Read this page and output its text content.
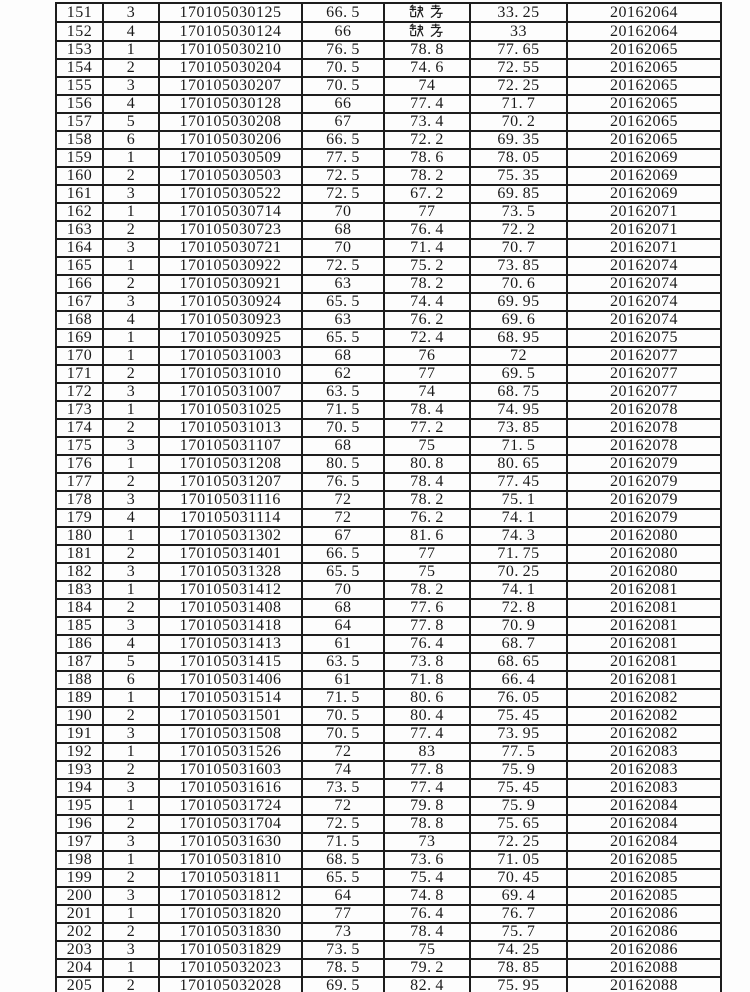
151	3	170105030125	66. 5		33. 25	20162064
152	4	170105030124	66		33	20162064
153	1	170105030210	76. 5	78. 8	77. 65	20162065
154	2	170105030204	70. 5	74. 6	72. 55	20162065
155	3	170105030207	70. 5	74	72. 25	20162065
156	4	170105030128	66	77. 4	71. 7	20162065
157	5	170105030208	67	73. 4	70. 2	20162065
158	6	170105030206	66. 5	72. 2	69. 35	20162065
159	1	170105030509	77. 5	78. 6	78. 05	20162069
160	2	170105030503	72. 5	78. 2	75. 35	20162069
161	3	170105030522	72. 5	67. 2	69. 85	20162069
162	1	170105030714	70	77	73. 5	20162071
163	2	170105030723	68	76. 4	72. 2	20162071
164	3	170105030721	70	71. 4	70. 7	20162071
165	1	170105030922	72. 5	75. 2	73. 85	20162074
166	2	170105030921	63	78. 2	70. 6	20162074
167	3	170105030924	65. 5	74. 4	69. 95	20162074
168	4	170105030923	63	76. 2	69. 6	20162074
169	1	170105030925	65. 5	72. 4	68. 95	20162075
170	1	170105031003	68	76	72	20162077
171	2	170105031010	62	77	69. 5	20162077
172	3	170105031007	63. 5	74	68. 75	20162077
173	1	170105031025	71. 5	78. 4	74. 95	20162078
174	2	170105031013	70. 5	77. 2	73. 85	20162078
175	3	170105031107	68	75	71. 5	20162078
176	1	170105031208	80. 5	80. 8	80. 65	20162079
177	2	170105031207	76. 5	78. 4	77. 45	20162079
178	3	170105031116	72	78. 2	75. 1	20162079
179	4	170105031114	72	76. 2	74. 1	20162079
180	1	170105031302	67	81. 6	74. 3	20162080
181	2	170105031401	66. 5	77	71. 75	20162080
182	3	170105031328	65. 5	75	70. 25	20162080
183	1	170105031412	70	78. 2	74. 1	20162081
184	2	170105031408	68	77. 6	72. 8	20162081
185	3	170105031418	64	77. 8	70. 9	20162081
186	4	170105031413	61	76. 4	68. 7	20162081
187	5	170105031415	63. 5	73. 8	68. 65	20162081
188	6	170105031406	61	71. 8	66. 4	20162081
189	1	170105031514	71. 5	80. 6	76. 05	20162082
190	2	170105031501	70. 5	80. 4	75. 45	20162082
191	3	170105031508	70. 5	77. 4	73. 95	20162082
192	1	170105031526	72	83	77. 5	20162083
193	2	170105031603	74	77. 8	75. 9	20162083
194	3	170105031616	73. 5	77. 4	75. 45	20162083
195	1	170105031724	72	79. 8	75. 9	20162084
196	2	170105031704	72. 5	78. 8	75. 65	20162084
197	3	170105031630	71. 5	73	72. 25	20162084
198	1	170105031810	68. 5	73. 6	71. 05	20162085
199	2	170105031811	65. 5	75. 4	70. 45	20162085
200	3	170105031812	64	74. 8	69. 4	20162085
201	1	170105031820	77	76. 4	76. 7	20162086
202	2	170105031830	73	78. 4	75. 7	20162086
203	3	170105031829	73. 5	75	74. 25	20162086
204	1	170105032023	78. 5	79. 2	78. 85	20162088
205	2	170105032028	69. 5	82. 4	75. 95	20162088
